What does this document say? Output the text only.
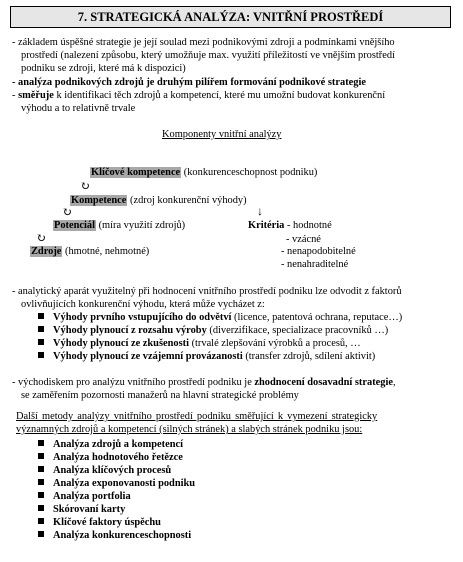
7. STRATEGICKÁ ANALÝZA: VNITŘNÍ PROSTŘEDÍ
- základem úspěšné strategie je její soulad mezi podnikovými zdroji a podmínkami vnějšího
prostředí (nalezení způsobu, který umožňuje max. využití příležitostí ve vnějším prostředí
podniku se zdroji, které má k dispozici)
- analýza podnikových zdrojů je druhým pilířem formování podnikové strategie
- směřuje k identifikaci těch zdrojů a kompetencí, které mu umožní budovat konkurenční
výhodu a to relativně trvale
Komponenty vnitřní analýzy
Klíčové kompetence (konkurenceschopnost podniku)
↻
Kompetence (zdroj konkurenční výhody)
↻	↓
Potenciál (míra využití zdrojů)	Kritéria - hodnotné
↻	- vzácné
Zdroje (hmotné, nehmotné)	- nenapodobitelné
- nenahraditelné
- analytický aparát využitelný při hodnocení vnitřního prostředí podniku lze odvodit z faktorů
ovlivňujících konkurenční výhodu, která může vycházet z:
Výhody prvního vstupujícího do odvětví (licence, patentová ochrana, reputace…)
Výhody plynoucí z rozsahu výroby (diverzifikace, specializace pracovníků …)
Výhody plynoucí ze zkušenosti (trvalé zlepšování výrobků a procesů, …
Výhody plynoucí ze vzájemní provázanosti (transfer zdrojů, sdílení aktivit)
- východiskem pro analýzu vnitřního prostředí podniku je zhodnocení dosavadní strategie,
se zaměřením pozornosti manažerů na hlavní strategické problémy
Další metody analýzy vnitřního prostředí podniku směřující k vymezení strategicky
významných zdrojů a kompetencí (silných stránek) a slabých stránek podniku jsou:
Analýza zdrojů a kompetencí
Analýza hodnotového řetězce
Analýza klíčových procesů
Analýza exponovanosti podniku
Analýza portfolia
Skórovaní karty
Klíčové faktory úspěchu
Analýza konkurenceschopnosti
